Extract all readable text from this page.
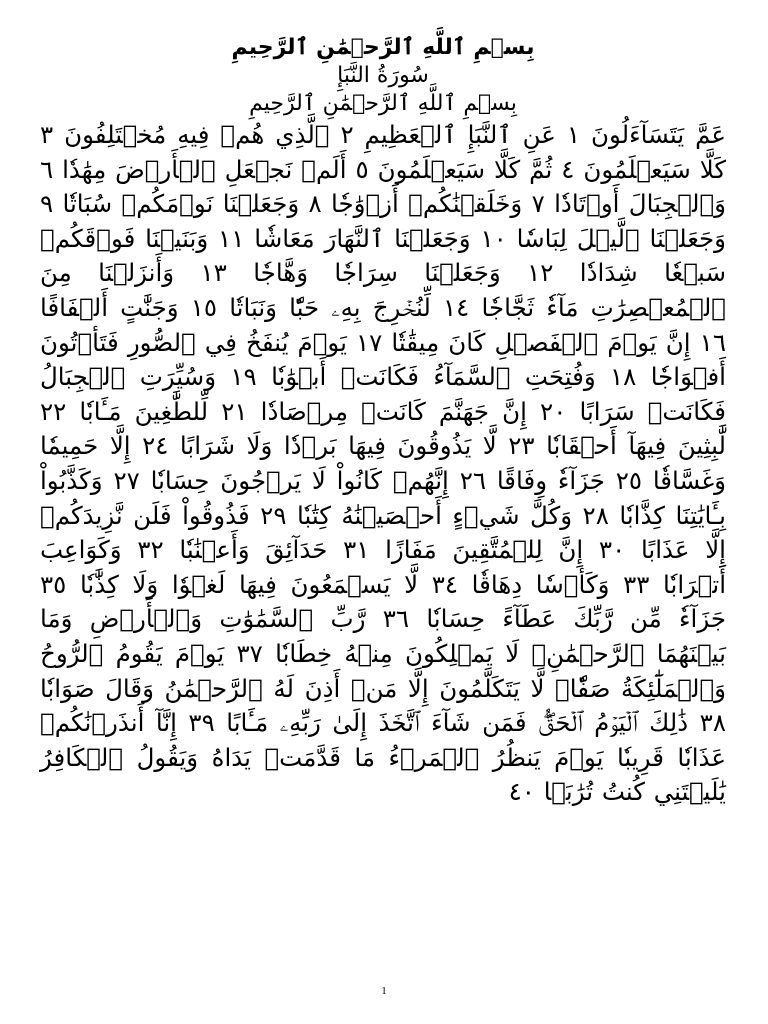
بِسۡمِ ٱللَّهِ ٱلرَّحۡمَٰنِ ٱلرَّحِيمِ

سُورَةُ النَّبَإِ

بِسۡمِ ٱللَّهِ ٱلرَّحۡمَٰنِ ٱلرَّحِيمِ

عَمَّ يَتَسَآءَلُونَ ١ عَنِ ٱلنَّبَإِ ٱلۡعَظِيمِ ٢ ٱلَّذِي هُمۡ فِيهِ مُخۡتَلِفُونَ ٣ كَلَّا سَيَعۡلَمُونَ ٤ ثُمَّ كَلَّا سَيَعۡلَمُونَ ٥ أَلَمۡ نَجۡعَلِ ٱلۡأَرۡضَ مِهَٰدٗا ٦ وَٱلۡجِبَالَ أَوۡتَادٗا ٧ وَخَلَقۡنَٰكُمۡ أَزۡوَٰجٗا ٨ وَجَعَلۡنَا نَوۡمَكُمۡ سُبَاتٗا ٩ وَجَعَلۡنَا ٱلَّيۡلَ لِبَاسٗا ١٠ وَجَعَلۡنَا ٱلنَّهَارَ مَعَاشٗا ١١ وَبَنَيۡنَا فَوۡقَكُمۡ سَبۡعٗا شِدَادٗا ١٢ وَجَعَلۡنَا سِرَاجٗا وَهَّاجٗا ١٣ وَأَنزَلۡنَا مِنَ ٱلۡمُعۡصِرَٰتِ مَآءٗ ثَجَّاجٗا ١٤ لِّنُخۡرِجَ بِهِۦ حَبّٗا وَنَبَاتٗا ١٥ وَجَنَّٰتٍ أَلۡفَافًا ١٦ إِنَّ يَوۡمَ ٱلۡفَصۡلِ كَانَ مِيقَٰتٗا ١٧ يَوۡمَ يُنفَخُ فِي ٱلصُّورِ فَتَأۡتُونَ أَفۡوَاجٗا ١٨ وَفُتِحَتِ ٱلسَّمَآءُ فَكَانَتۡ أَبۡوَٰبٗا ١٩ وَسُيِّرَتِ ٱلۡجِبَالُ فَكَانَتۡ سَرَابًا ٢٠ إِنَّ جَهَنَّمَ كَانَتۡ مِرۡصَادٗا ٢١ لِّلطَّٰغِينَ مَـَٔابٗا ٢٢ لَّٰبِثِينَ فِيهَآ أَحۡقَابٗا ٢٣ لَّا يَذُوقُونَ فِيهَا بَرۡدٗا وَلَا شَرَابًا ٢٤ إِلَّا حَمِيمٗا وَغَسَّاقٗا ٢٥ جَزَآءٗ وِفَاقًا ٢٦ إِنَّهُمۡ كَانُواْ لَا يَرۡجُونَ حِسَابٗا ٢٧ وَكَذَّبُواْ بِـَٔايَٰتِنَا كِذَّابٗا ٢٨ وَكُلَّ شَيۡءٍ أَحۡصَيۡنَٰهُ كِتَٰبٗا ٢٩ فَذُوقُواْ فَلَن نَّزِيدَكُمۡ إِلَّا عَذَابًا ٣٠ إِنَّ لِلۡمُتَّقِينَ مَفَازًا ٣١ حَدَآئِقَ وَأَعۡنَٰبٗا ٣٢ وَكَوَاعِبَ أَتۡرَابٗا ٣٣ وَكَأۡسٗا دِهَاقٗا ٣٤ لَّا يَسۡمَعُونَ فِيهَا لَغۡوٗا وَلَا كِذَّٰبٗا ٣٥ جَزَآءٗ مِّن رَّبِّكَ عَطَآءً حِسَابٗا ٣٦ رَّبِّ ٱلسَّمَٰوَٰتِ وَٱلۡأَرۡضِ وَمَا بَيۡنَهُمَا ٱلرَّحۡمَٰنِۖ لَا يَمۡلِكُونَ مِنۡهُ خِطَابٗا ٣٧ يَوۡمَ يَقُومُ ٱلرُّوحُ وَٱلۡمَلَٰٓئِكَةُ صَفّٗاۖ لَّا يَتَكَلَّمُونَ إِلَّا مَنۡ أَذِنَ لَهُ ٱلرَّحۡمَٰنُ وَقَالَ صَوَابٗا ٣٨ ذَٰلِكَ ٱلۡيَوۡمُ ٱلۡحَقُّۖ فَمَن شَآءَ ٱتَّخَذَ إِلَىٰ رَبِّهِۦ مَـَٔابًا ٣٩ إِنَّآ أَنذَرۡنَٰكُمۡ عَذَابٗا قَرِيبٗا يَوۡمَ يَنظُرُ ٱلۡمَرۡءُ مَا قَدَّمَتۡ يَدَاهُ وَيَقُولُ ٱلۡكَافِرُ يَٰلَيۡتَنِي كُنتُ تُرَٰبَۢا ٤٠

1
